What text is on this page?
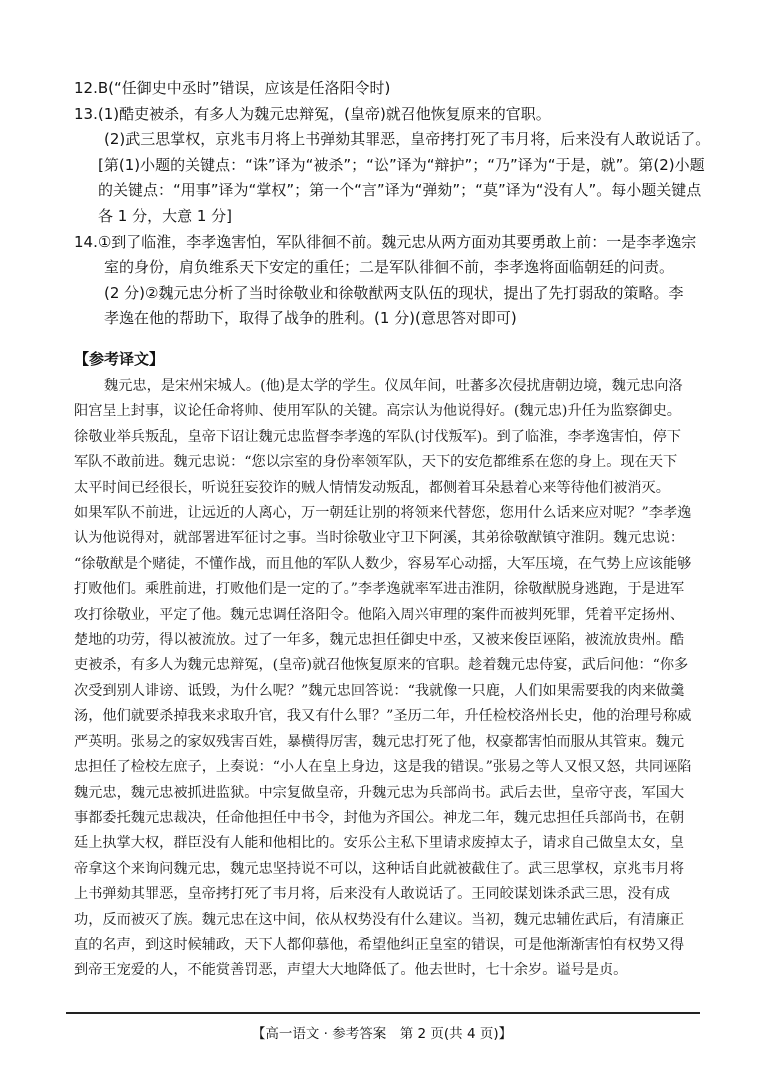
12.B(“任御史中丞时”错误，应该是任洛阳令时)

13.(1)酷吏被杀，有多人为魏元忠辩冤，(皇帝)就召他恢复原来的官职。

(2)武三思掌权，京兆韦月将上书弹劾其罪恶，皇帝拷打死了韦月将，后来没有人敢说话了。

[第(1)小题的关键点：“诛”译为“被杀”；“讼”译为“辩护”；“乃”译为“于是，就”。第(2)小题

的关键点：“用事”译为“掌权”；第一个“言”译为“弹劾”；“莫”译为“没有人”。每小题关键点

各 1 分，大意 1 分]

14.①到了临淮，李孝逸害怕，军队徘徊不前。魏元忠从两方面劝其要勇敢上前：一是李孝逸宗

室的身份，肩负维系天下安定的重任；二是军队徘徊不前，李孝逸将面临朝廷的问责。

(2 分)②魏元忠分析了当时徐敬业和徐敬猷两支队伍的现状，提出了先打弱敌的策略。李

孝逸在他的帮助下，取得了战争的胜利。(1 分)(意思答对即可)

【参考译文】

魏元忠，是宋州宋城人。(他)是太学的学生。仪凤年间，吐蕃多次侵扰唐朝边境，魏元忠向洛

阳宫呈上封事，议论任命将帅、使用军队的关键。高宗认为他说得好。(魏元忠)升任为监察御史。

徐敬业举兵叛乱，皇帝下诏让魏元忠监督李孝逸的军队(讨伐叛军)。到了临淮，李孝逸害怕，停下

军队不敢前进。魏元忠说：“您以宗室的身份率领军队，天下的安危都维系在您的身上。现在天下

太平时间已经很长，听说狂妄狡诈的贼人情情发动叛乱，都侧着耳朵悬着心来等待他们被消灭。

如果军队不前进，让远近的人离心，万一朝廷让别的将领来代替您，您用什么话来应对呢？”李孝逸

认为他说得对，就部署进军征讨之事。当时徐敬业守卫下阿溪，其弟徐敬猷镇守淮阴。魏元忠说：

“徐敬猷是个赌徒，不懂作战，而且他的军队人数少，容易军心动摇，大军压境，在气势上应该能够

打败他们。乘胜前进，打败他们是一定的了。”李孝逸就率军进击淮阴，徐敬猷脱身逃跑，于是进军

攻打徐敬业，平定了他。魏元忠调任洛阳令。他陷入周兴审理的案件而被判死罪，凭着平定扬州、

楚地的功劳，得以被流放。过了一年多，魏元忠担任御史中丞，又被来俊臣诬陷，被流放贵州。酷

吏被杀，有多人为魏元忠辩冤，(皇帝)就召他恢复原来的官职。趁着魏元忠侍宴，武后问他：“你多

次受到别人诽谤、诋毁，为什么呢？”魏元忠回答说：“我就像一只鹿，人们如果需要我的肉来做羹

汤，他们就要杀掉我来求取升官，我又有什么罪？”圣历二年，升任检校洛州长史，他的治理号称威

严英明。张易之的家奴残害百姓，暴横得厉害，魏元忠打死了他，权豪都害怕而服从其管束。魏元

忠担任了检校左庶子，上奏说：“小人在皇上身边，这是我的错误。”张易之等人又恨又怒，共同诬陷

魏元忠，魏元忠被抓进监狱。中宗复做皇帝，升魏元忠为兵部尚书。武后去世，皇帝守丧，军国大

事都委托魏元忠裁决，任命他担任中书令，封他为齐国公。神龙二年，魏元忠担任兵部尚书，在朝

廷上执掌大权，群臣没有人能和他相比的。安乐公主私下里请求废掉太子，请求自己做皇太女，皇

帝拿这个来询问魏元忠，魏元忠坚持说不可以，这种话自此就被截住了。武三思掌权，京兆韦月将

上书弹劾其罪恶，皇帝拷打死了韦月将，后来没有人敢说话了。王同皎谋划诛杀武三思，没有成

功，反而被灭了族。魏元忠在这中间，依从权势没有什么建议。当初，魏元忠辅佐武后，有清廉正

直的名声，到这时候辅政，天下人都仰慕他，希望他纠正皇室的错误，可是他渐渐害怕有权势又得

到帝王宠爱的人，不能赏善罚恶，声望大大地降低了。他去世时，七十余岁。谥号是贞。

【高一语文 · 参考答案　第 2 页(共 4 页)】
